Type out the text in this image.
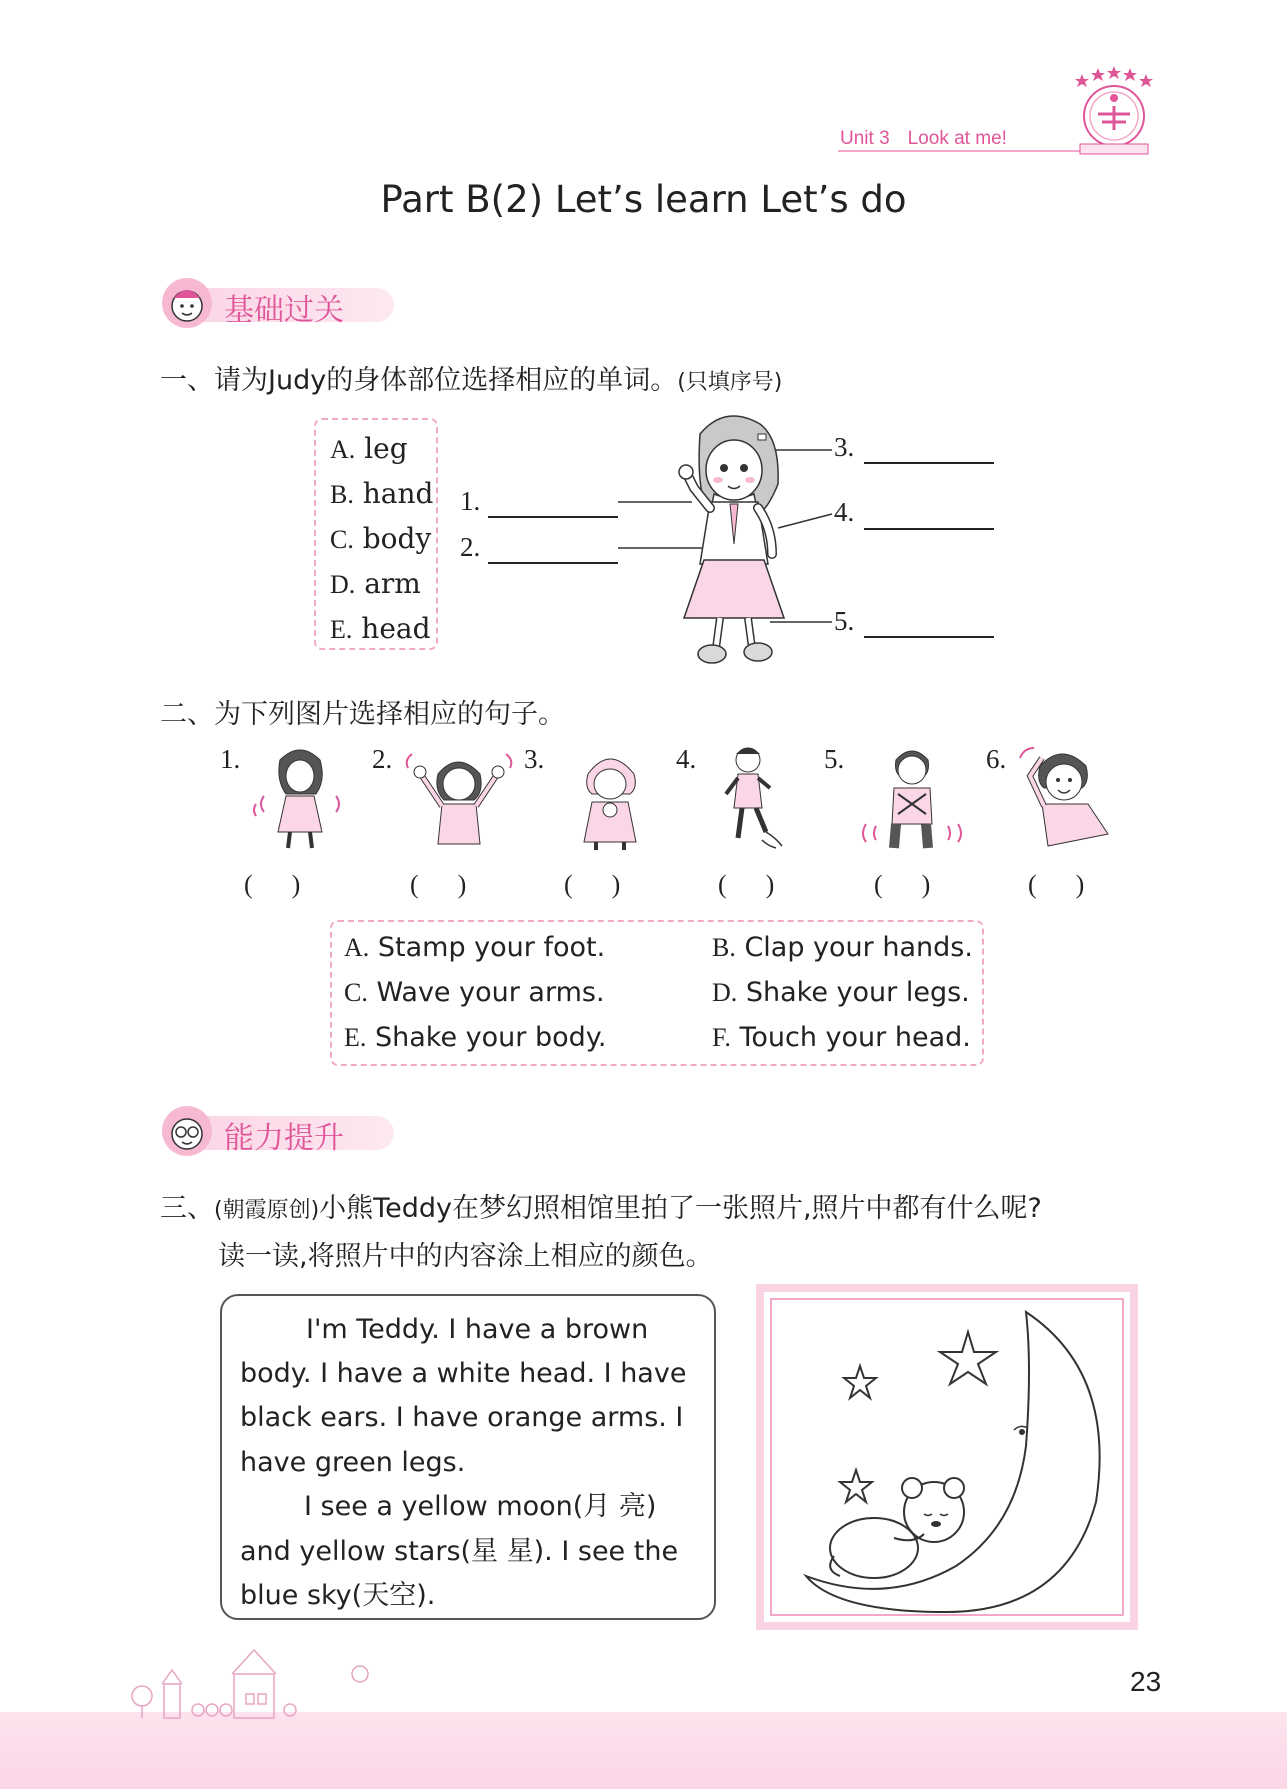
Unit 3 Look at me!
Part B(2) Let’s learn Let’s do
基础过关
一、请为Judy的身体部位选择相应的单词。(只填序号)
A. leg
B. hand
C. body
D. arm
E. head
1.
2.
3.
4.
5.
二、为下列图片选择相应的句子。
1.	2.	3.	4.	5.	6.
(      )	(      )	(      )	(      )	(      )	(      )
A. Stamp your foot.	B. Clap your hands.
C. Wave your arms.	D. Shake your legs.
E. Shake your body.	F. Touch your head.
能力提升
三、(朝霞原创)小熊Teddy在梦幻照相馆里拍了一张照片,照片中都有什么呢?
读一读,将照片中的内容涂上相应的颜色。
I'm Teddy. I have a brown
body. I have a white head. I have
black ears. I have orange arms. I
have green legs.
I see a yellow moon(月 亮)
and yellow stars(星 星). I see the
blue sky(天空).
23
